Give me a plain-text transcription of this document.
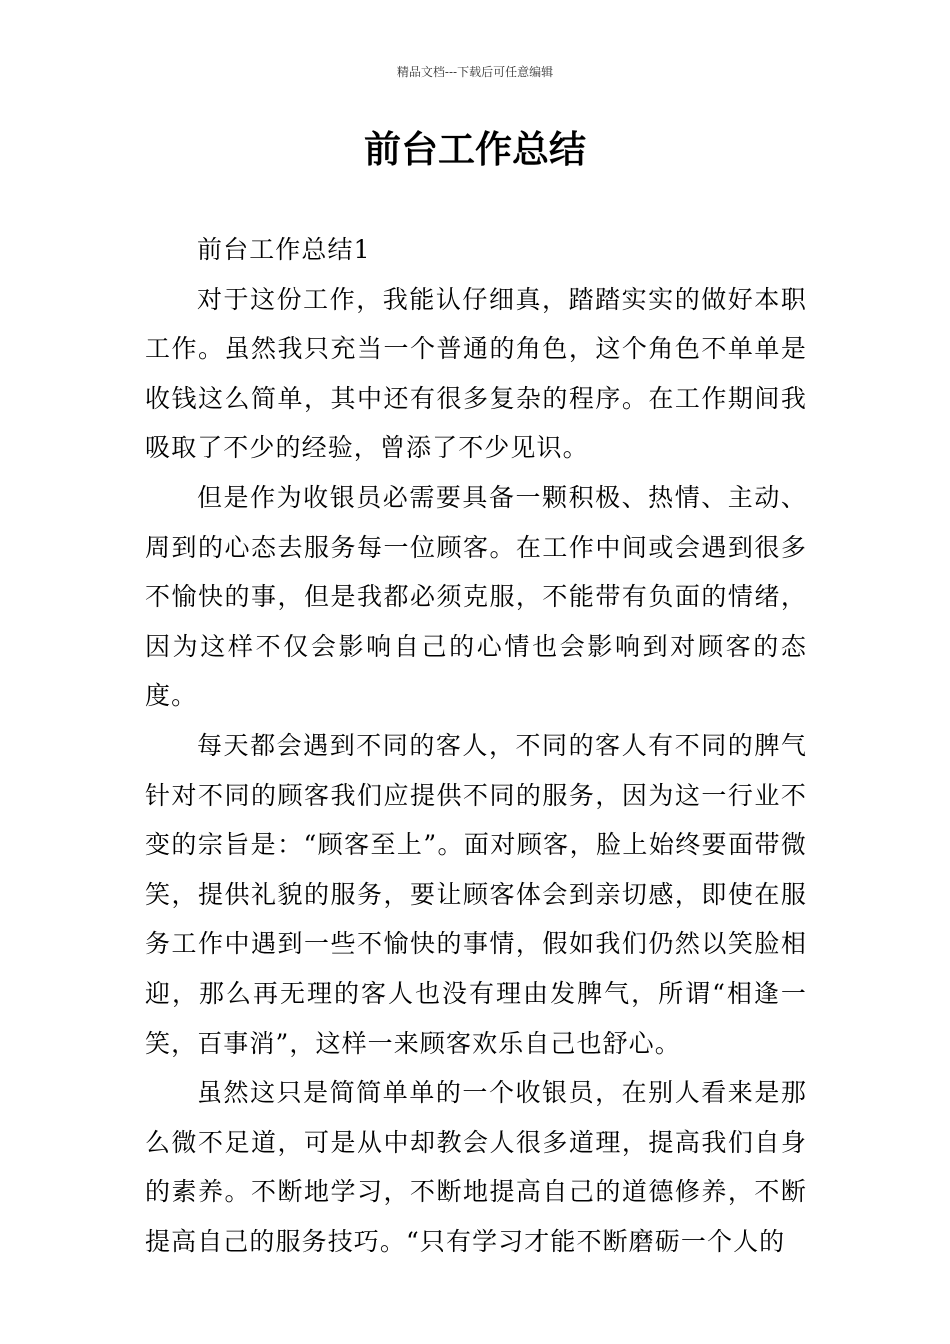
精品文档---下载后可任意编辑
前台工作总结

前台工作总结1

对于这份工作，我能认仔细真，踏踏实实的做好本职工作。虽然我只充当一个普通的角色，这个角色不单单是收钱这么简单，其中还有很多复杂的程序。在工作期间我吸取了不少的经验，曾添了不少见识。

但是作为收银员必需要具备一颗积极、热情、主动、周到的心态去服务每一位顾客。在工作中间或会遇到很多不愉快的事，但是我都必须克服，不能带有负面的情绪，因为这样不仅会影响自己的心情也会影响到对顾客的态度。

每天都会遇到不同的客人，不同的客人有不同的脾气针对不同的顾客我们应提供不同的服务，因为这一行业不变的宗旨是：“顾客至上”。面对顾客，脸上始终要面带微笑，提供礼貌的服务，要让顾客体会到亲切感，即使在服务工作中遇到一些不愉快的事情，假如我们仍然以笑脸相迎，那么再无理的客人也没有理由发脾气，所谓“相逢一笑，百事消”，这样一来顾客欢乐自己也舒心。

虽然这只是简简单单的一个收银员，在别人看来是那么微不足道，可是从中却教会人很多道理，提高我们自身的素养。不断地学习，不断地提高自己的道德修养，不断提高自己的服务技巧。“只有学习才能不断磨砺一个人的
